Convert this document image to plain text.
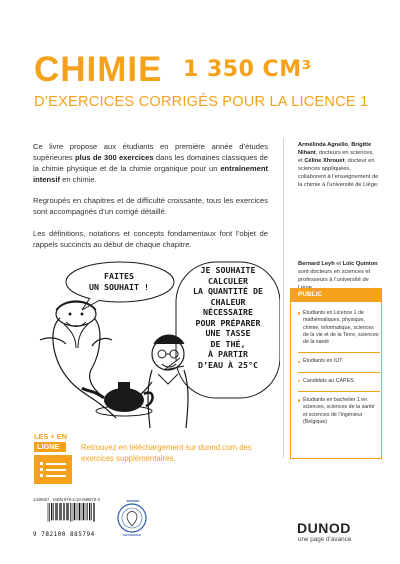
CHIMIE 1 350 CM³
D’EXERCICES CORRIGÉS POUR LA LICENCE 1

Ce livre propose aux étudiants en première année d’études supérieures plus de 300 exercices dans les domaines classiques de la chimie physique et de la chimie organique pour un entraînement intensif en chimie.

Regroupés en chapitres et de difficulté croissante, tous les exercices sont accompagnés d’un corrigé détaillé.

Les définitions, notations et concepts fondamentaux font l’objet de rappels succincts au début de chaque chapitre.

Armélinda Agnello, Brigitte Nihant, docteurs en sciences, et Céline Xhrouet, docteur en sciences appliquées, collaborent à l’enseignement de la chimie à l’université de Liège.

Bernard Leyh et Loïc Quinton sont docteurs en sciences et professeurs à l’université de

PUBLIC
Étudiants en Licence 1 de mathématiques, physique, chimie, informatique, sciences de la vie et de la Terre, sciences de la santé
Étudiants en IUT
Candidats au CAPES
Étudiants en bachelier 1 en sciences, sciences de la santé et sciences de l’ingénieur (Belgique)
FAITES
UN SOUHAIT !
JE SOUHAITE
CALCULER
LA QUANTITÉ DE
CHALEUR
NÉCESSAIRE
POUR PRÉPARER
UNE TASSE
DE THÉ,
À PARTIR
D’EAU À 25°C
LES + EN
LIGNE	Retrouvez en téléchargement sur dunod.com des exercices supplémentaires.

1346527 · ISBN 978-2-10-088579-4
9 782100 885794
IMPRIMÉ
EN FRANCE	DUNOD
une page d’avance
